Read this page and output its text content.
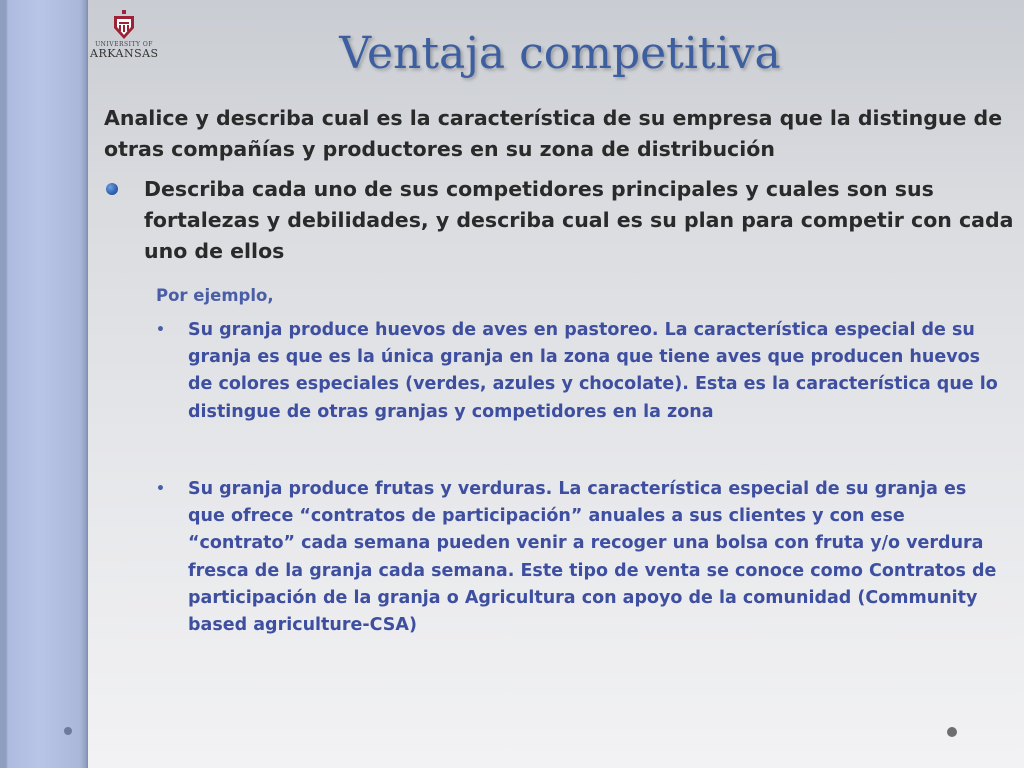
UNIVERSITY OF
ARKANSAS	Ventaja competitiva

Analice y describa cual es la característica de su empresa que la distingue de otras compañías y productores en su zona de distribución

Describa cada uno de sus competidores principales y cuales son sus fortalezas y debilidades, y describa cual es su plan para competir con cada uno de ellos

Por ejemplo,

• Su granja produce huevos de aves en pastoreo. La característica especial de su granja es que es la única granja en la zona que tiene aves que producen huevos de colores especiales (verdes, azules y chocolate). Esta es la característica que lo distingue de otras granjas y competidores en la zona

• Su granja produce frutas y verduras. La característica especial de su granja es que ofrece “contratos de participación” anuales a sus clientes y con ese “contrato” cada semana pueden venir a recoger una bolsa con fruta y/o verdura fresca de la granja cada semana. Este tipo de venta se conoce como Contratos de participación de la granja o Agricultura con apoyo de la comunidad (Community based agriculture-CSA)
